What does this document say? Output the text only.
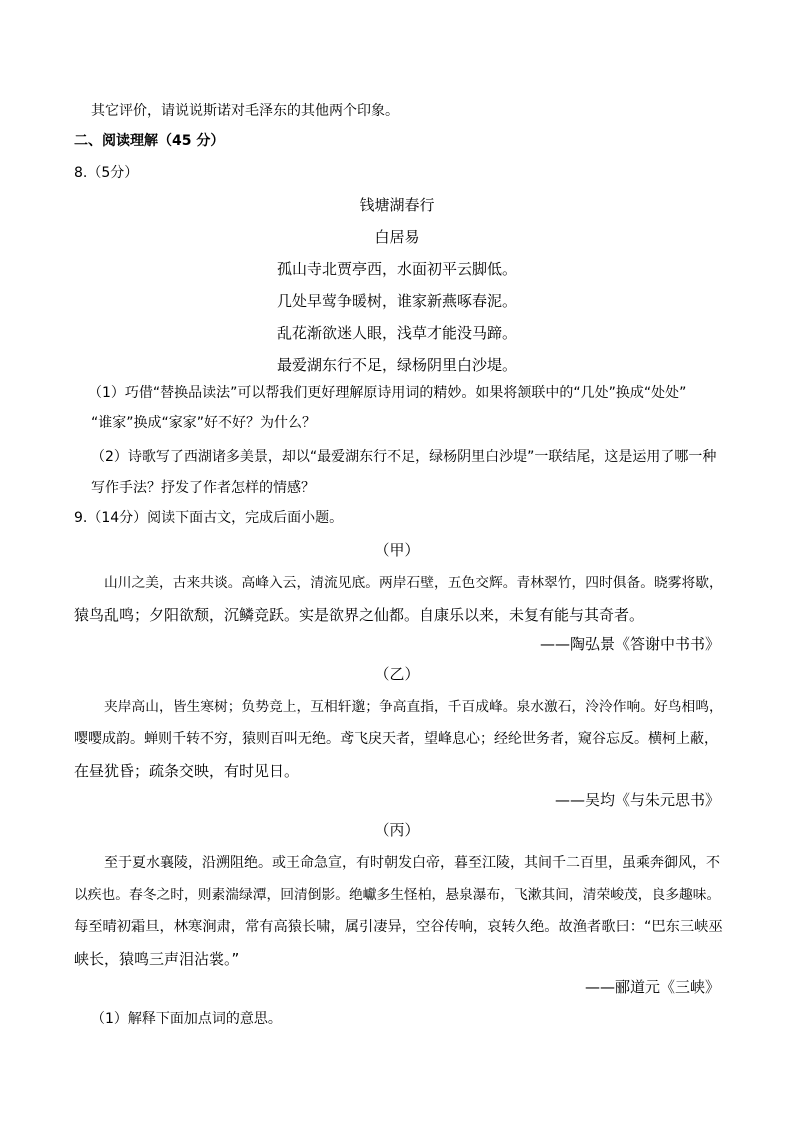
其它评价，请说说斯诺对毛泽东的其他两个印象。
二、阅读理解（45 分）
8.（5分）
钱塘湖春行
白居易
孤山寺北贾亭西，水面初平云脚低。
几处早莺争暖树，谁家新燕啄春泥。
乱花渐欲迷人眼，浅草才能没马蹄。
最爱湖东行不足，绿杨阴里白沙堤。
（1）巧借“替换品读法”可以帮我们更好理解原诗用词的精妙。如果将颔联中的“几处”换成“处处”
“谁家”换成“家家”好不好？为什么？
（2）诗歌写了西湖诸多美景，却以“最爱湖东行不足，绿杨阴里白沙堤”一联结尾，这是运用了哪一种
写作手法？抒发了作者怎样的情感？
9.（14分）阅读下面古文，完成后面小题。
（甲）
山川之美，古来共谈。高峰入云，清流见底。两岸石壁，五色交辉。青林翠竹，四时俱备。晓雾将歇，
猿鸟乱鸣；夕阳欲颓，沉鳞竞跃。实是欲界之仙都。自康乐以来，未复有能与其奇者。
——陶弘景《答谢中书书》
（乙）
夹岸高山，皆生寒树；负势竞上，互相轩邈；争高直指，千百成峰。泉水激石，泠泠作响。好鸟相鸣，
嘤嘤成韵。蝉则千转不穷，猿则百叫无绝。鸢飞戾天者，望峰息心；经纶世务者，窥谷忘反。横柯上蔽，
在昼犹昏；疏条交映，有时见日。
——吴均《与朱元思书》
（丙）
至于夏水襄陵，沿溯阻绝。或王命急宣，有时朝发白帝，暮至江陵，其间千二百里，虽乘奔御风，不
以疾也。春冬之时，则素湍绿潭，回清倒影。绝巘多生怪柏，悬泉瀑布，飞漱其间，清荣峻茂，良多趣味。
每至晴初霜旦，林寒涧肃，常有高猿长啸，属引凄异，空谷传响，哀转久绝。故渔者歌曰：“巴东三峡巫
峡长，猿鸣三声泪沾裳。”
——郦道元《三峡》
（1）解释下面加点词的意思。
